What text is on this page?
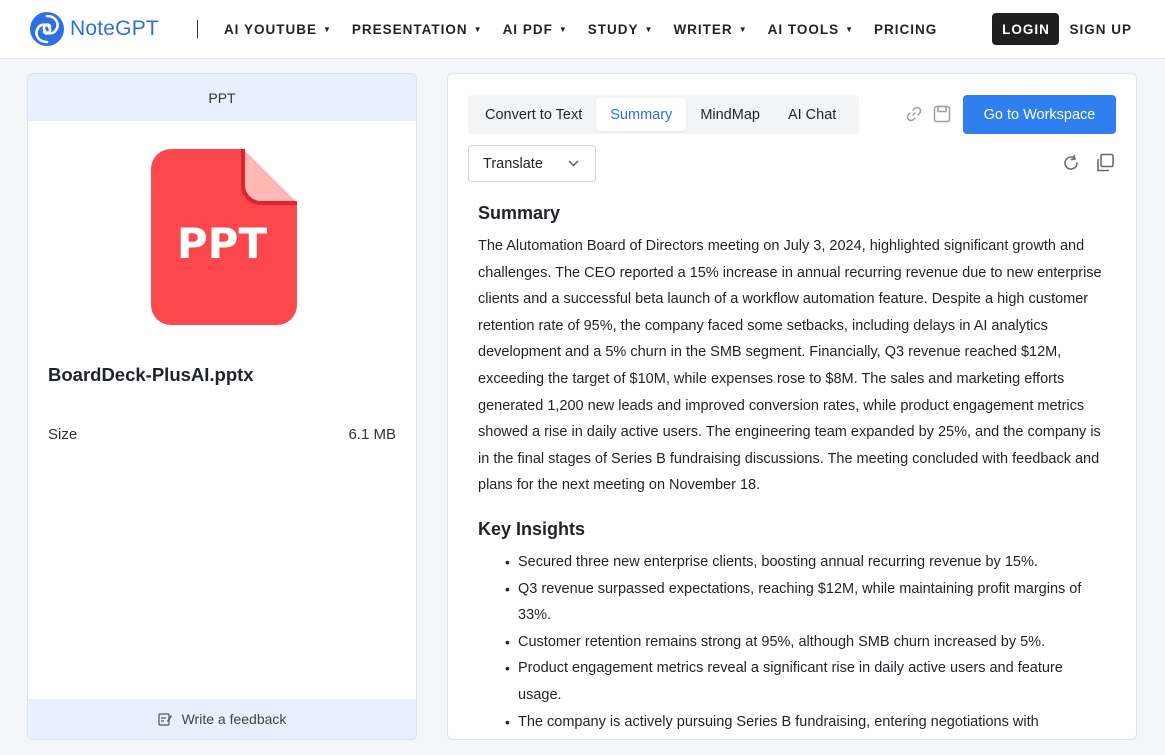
NoteGPT	AI YOUTUBE ▼ PRESENTATION ▼ AI PDF ▼ STUDY ▼ WRITER ▼ AI TOOLS ▼ PRICING	LOGIN	SIGN UP
PPT
PPT
BoardDeck-PlusAI.pptx
Size	6.1 MB
Write a feedback
Convert to Text	Summary	MindMap	AI Chat	Go to Workspace
Translate
Summary

The Alutomation Board of Directors meeting on July 3, 2024, highlighted significant growth and challenges. The CEO reported a 15% increase in annual recurring revenue due to new enterprise clients and a successful beta launch of a workflow automation feature. Despite a high customer retention rate of 95%, the company faced some setbacks, including delays in AI analytics development and a 5% churn in the SMB segment. Financially, Q3 revenue reached $12M, exceeding the target of $10M, while expenses rose to $8M. The sales and marketing efforts generated 1,200 new leads and improved conversion rates, while product engagement metrics showed a rise in daily active users. The engineering team expanded by 25%, and the company is in the final stages of Series B fundraising discussions. The meeting concluded with feedback and plans for the next meeting on November 18.

Key Insights
• Secured three new enterprise clients, boosting annual recurring revenue by 15%.
• Q3 revenue surpassed expectations, reaching $12M, while maintaining profit margins of 33%.
• Customer retention remains strong at 95%, although SMB churn increased by 5%.
• Product engagement metrics reveal a significant rise in daily active users and feature usage.
• The company is actively pursuing Series B fundraising, entering negotiations with
